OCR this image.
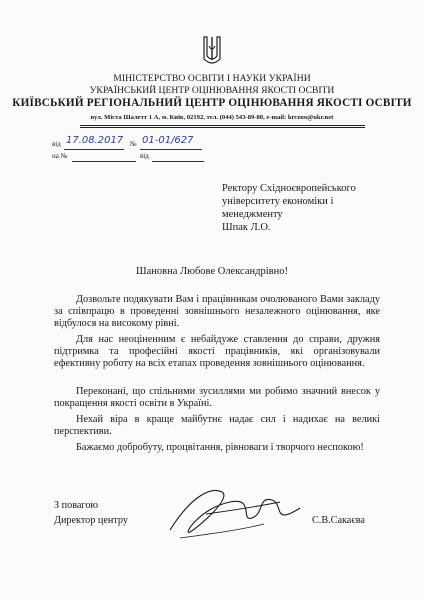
МІНІСТЕРСТВО ОСВІТИ І НАУКИ УКРАЇНИ
УКРАЇНСЬКИЙ ЦЕНТР ОЦІНЮВАННЯ ЯКОСТІ ОСВІТИ
КИЇВСЬКИЙ РЕГІОНАЛЬНИЙ ЦЕНТР ОЦІНЮВАННЯ ЯКОСТІ ОСВІТИ
вул. Міста Шалетт 1 А, м. Київ, 02192, тел. (044) 543-89-80, e-mail: krczno@ukr.net
від 17.08.2017 № 01-01/627
на №	від
Ректору Східноєвропейського
університету економіки і
менеджменту
Шпак Л.О.
Шановна Любове Олександрівно!
Дозвольте подякувати Вам і працівникам очолюваного Вами закладу за співпрацю в проведенні зовнішнього незалежного оцінювання, яке відбулося на високому рівні.
Для нас неоціненним є небайдуже ставлення до справи, дружня підтримка та професійні якості працівників, які організовували ефективну роботу на всіх етапах проведення зовнішнього оцінювання.
Переконані, що спільними зусиллями ми робимо значний внесок у покращення якості освіти в Україні.
Нехай віра в краще майбутнє надає сил і надихає на великі перспективи.
Бажаємо добробуту, процвітання, рівноваги і творчого неспокою!
З повагою
Директор центру	С.В.Сакаєва
